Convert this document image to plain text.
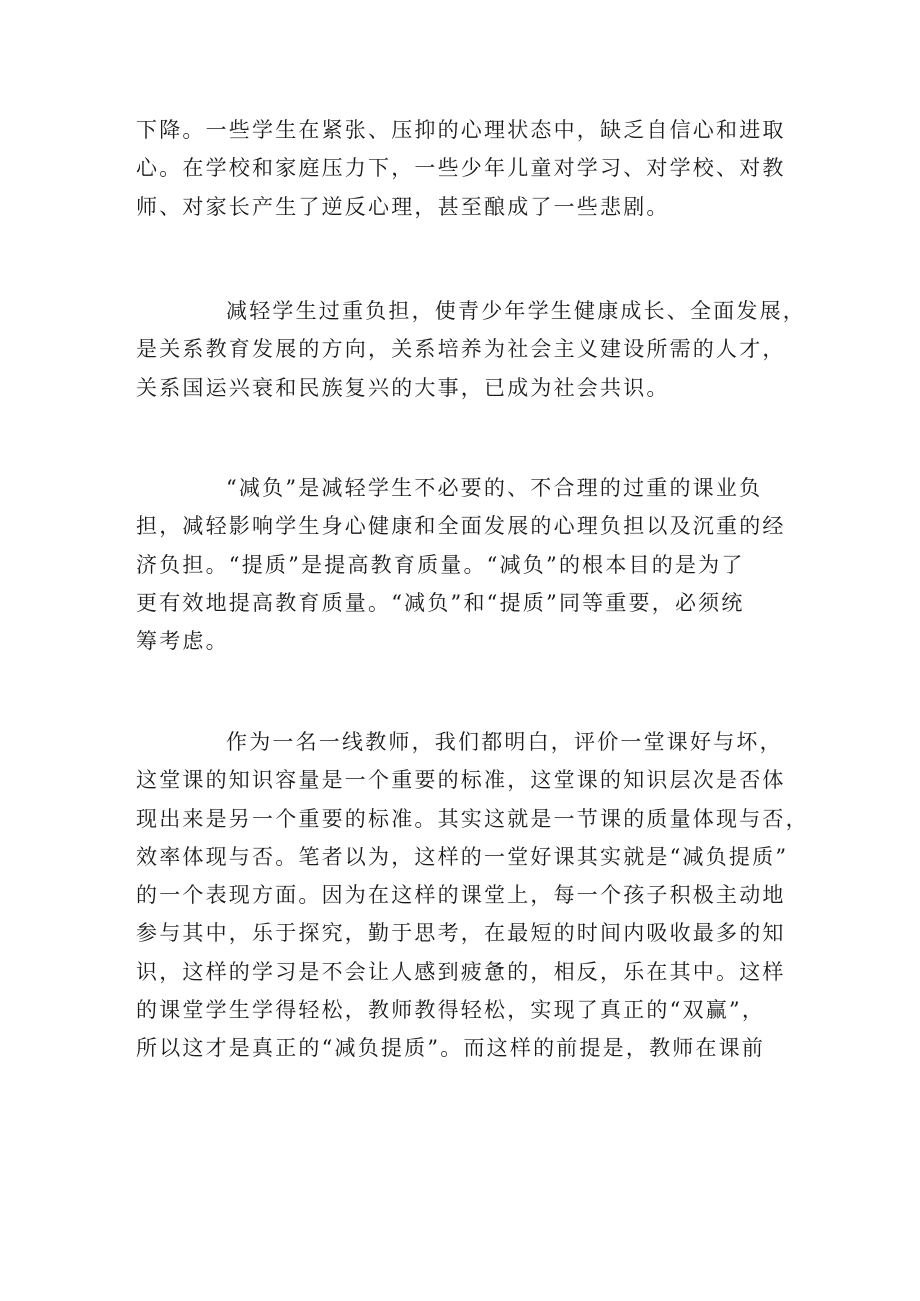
下降。一些学生在紧张、压抑的心理状态中，缺乏自信心和进取
心。在学校和家庭压力下，一些少年儿童对学习、对学校、对教
师、对家长产生了逆反心理，甚至酿成了一些悲剧。

减轻学生过重负担，使青少年学生健康成长、全面发展，
是关系教育发展的方向，关系培养为社会主义建设所需的人才，
关系国运兴衰和民族复兴的大事，已成为社会共识。

“减负”是减轻学生不必要的、不合理的过重的课业负
担，减轻影响学生身心健康和全面发展的心理负担以及沉重的经
济负担。“提质”是提高教育质量。“减负”的根本目的是为了
更有效地提高教育质量。“减负”和“提质”同等重要，必须统
筹考虑。

作为一名一线教师，我们都明白，评价一堂课好与坏，
这堂课的知识容量是一个重要的标准，这堂课的知识层次是否体
现出来是另一个重要的标准。其实这就是一节课的质量体现与否，
效率体现与否。笔者以为，这样的一堂好课其实就是“减负提质”
的一个表现方面。因为在这样的课堂上，每一个孩子积极主动地
参与其中，乐于探究，勤于思考，在最短的时间内吸收最多的知
识，这样的学习是不会让人感到疲惫的，相反，乐在其中。这样
的课堂学生学得轻松，教师教得轻松，实现了真正的“双赢”，
所以这才是真正的“减负提质”。而这样的前提是，教师在课前
